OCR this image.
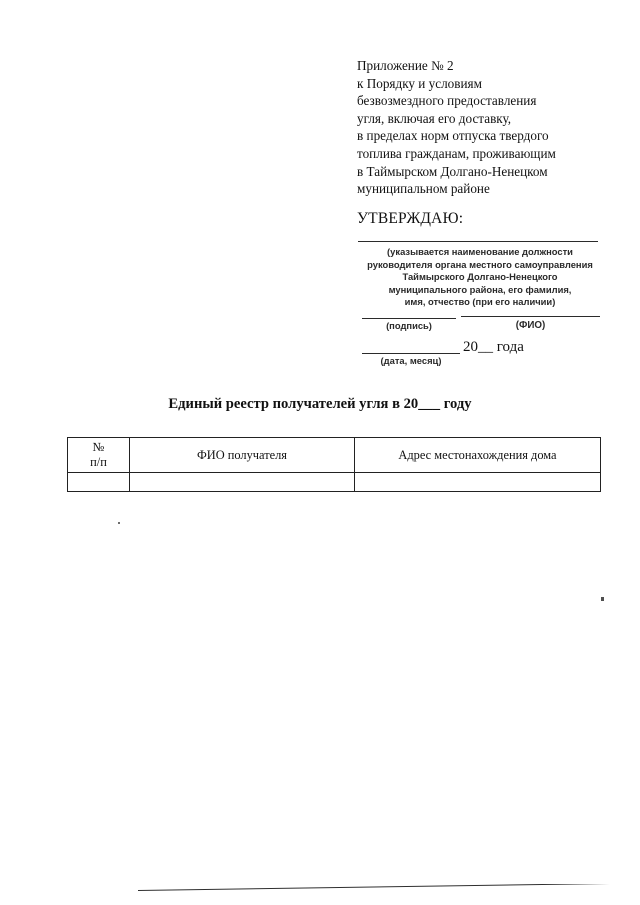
Приложение № 2
к Порядку и условиям
безвозмездного предоставления
угля, включая его доставку,
в пределах норм отпуска твердого
топлива гражданам, проживающим
в Таймырском Долгано-Ненецком
муниципальном районе
УТВЕРЖДАЮ:
(указывается наименование должности
руководителя органа местного самоуправления
Таймырского Долгано-Ненецкого
муниципального района, его фамилия,
имя, отчество (при его наличии)
(подпись)	(ФИО)
20__ года
(дата, месяц)
Единый реестр получателей угля в 20___ году
№
п/п	ФИО получателя	Адрес местонахождения дома
